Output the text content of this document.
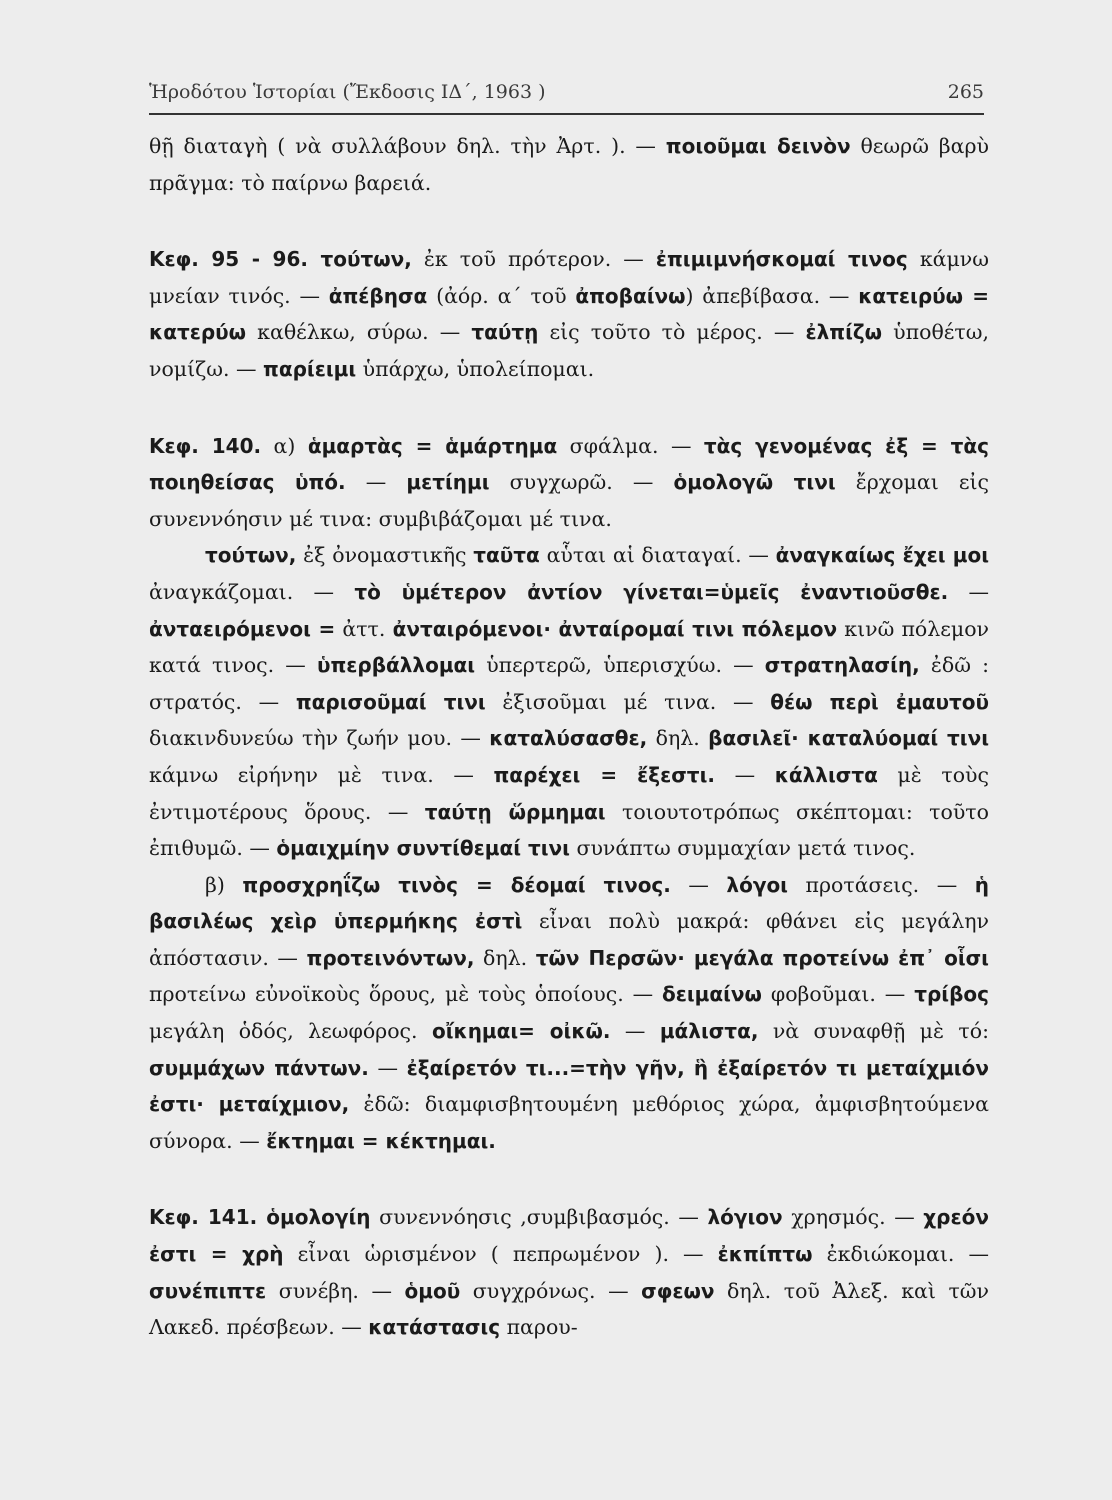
Ἡροδότου Ἱστορίαι (Ἔκδοσις ΙΔ΄, 1963 )	265

θῇ διαταγὴ ( νὰ συλλάβουν δηλ. τὴν Ἀρτ. ). — ποιοῦμαι δεινὸν θεωρῶ βαρὺ πρᾶγμα: τὸ παίρνω βαρειά.

Κεφ. 95 - 96. τούτων, ἐκ τοῦ πρότερον. — ἐπιμιμνήσκομαί τινος κάμνω μνείαν τινός. — ἀπέβησα (ἀόρ. α΄ τοῦ ἀποβαίνω) ἀπεβίβασα. — κατειρύω = κατερύω καθέλκω, σύρω. — ταύτῃ εἰς τοῦτο τὸ μέρος. — ἐλπίζω ὑποθέτω, νομίζω. — παρίειμι ὑπάρχω, ὑπολείπομαι.

Κεφ. 140. α) ἁμαρτὰς = ἁμάρτημα σφάλμα. — τὰς γενομένας ἐξ = τὰς ποιηθείσας ὑπό. — μετίημι συγχωρῶ. — ὁμολογῶ τινι ἔρχομαι εἰς συνεννόησιν μέ τινα: συμβιβάζομαι μέ τινα.

τούτων, ἐξ ὀνομαστικῆς ταῦτα αὗται αἱ διαταγαί. — ἀναγκαίως ἔχει μοι ἀναγκάζομαι. — τὸ ὑμέτερον ἀντίον γίνεται=ὑμεῖς ἐναντιοῦσθε. — ἀνταειρόμενοι = ἀττ. ἀνταιρόμενοι· ἀνταίρομαί τινι πόλεμον κινῶ πόλεμον κατά τινος. — ὑπερβάλλομαι ὑπερτερῶ, ὑπερισχύω. — στρατηλασίη, ἐδῶ : στρατός. — παρισοῦμαί τινι ἐξισοῦμαι μέ τινα. — θέω περὶ ἐμαυτοῦ διακινδυνεύω τὴν ζωήν μου. — καταλύσασθε, δηλ. βασιλεῖ· καταλύομαί τινι κάμνω εἰρήνην μὲ τινα. — παρέχει = ἔξεστι. — κάλλιστα μὲ τοὺς ἐντιμοτέρους ὅρους. — ταύτῃ ὥρμημαι τοιουτοτρόπως σκέπτομαι: τοῦτο ἐπιθυμῶ. — ὁμαιχμίην συντίθεμαί τινι συνάπτω συμμαχίαν μετά τινος.

β) προσχρηΐζω τινὸς = δέομαί τινος. — λόγοι προτάσεις. — ἡ βασιλέως χεὶρ ὑπερμήκης ἐστὶ εἶναι πολὺ μακρά: φθάνει εἰς μεγάλην ἀπόστασιν. — προτεινόντων, δηλ. τῶν Περσῶν· μεγάλα προτείνω ἐπ᾽ οἷσι προτείνω εὐνοϊκοὺς ὅρους, μὲ τοὺς ὁποίους. — δειμαίνω φοβοῦμαι. — τρίβος μεγάλη ὁδός, λεωφόρος. οἴκημαι= οἰκῶ. — μάλιστα, νὰ συναφθῇ μὲ τό: συμμάχων πάντων. — ἐξαίρετόν τι...=τὴν γῆν, ἣ ἐξαίρετόν τι μεταίχμιόν ἐστι· μεταίχμιον, ἐδῶ: διαμφισβητουμένη μεθόριος χώρα, ἀμφισβητούμενα σύνορα. — ἔκτημαι = κέκτημαι.

Κεφ. 141. ὁμολογίη συνεννόησις ,συμβιβασμός. — λόγιον χρησμός. — χρεόν ἐστι = χρὴ εἶναι ὡρισμένον ( πεπρωμένον ). — ἐκπίπτω ἐκδιώκομαι. — συνέπιπτε συνέβη. — ὁμοῦ συγχρόνως. — σφεων δηλ. τοῦ Ἀλεξ. καὶ τῶν Λακεδ. πρέσβεων. — κατάστασις παρου-
